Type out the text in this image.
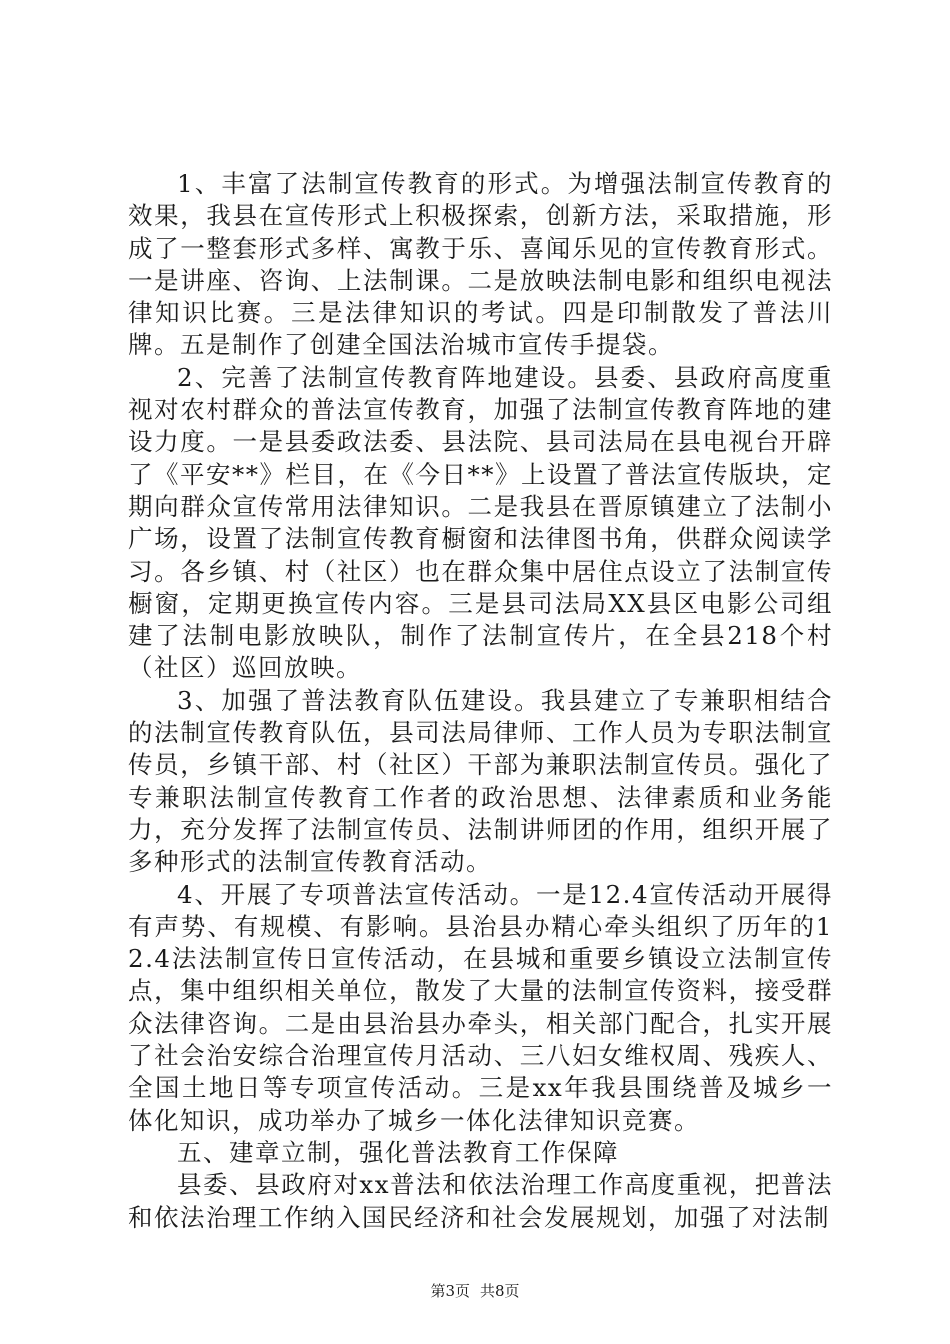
1、丰富了法制宣传教育的形式。为增强法制宣传教育的效果，我县在宣传形式上积极探索，创新方法，采取措施，形成了一整套形式多样、寓教于乐、喜闻乐见的宣传教育形式。一是讲座、咨询、上法制课。二是放映法制电影和组织电视法律知识比赛。三是法律知识的考试。四是印制散发了普法川牌。五是制作了创建全国法治城市宣传手提袋。

2、完善了法制宣传教育阵地建设。县委、县政府高度重视对农村群众的普法宣传教育，加强了法制宣传教育阵地的建设力度。一是县委政法委、县法院、县司法局在县电视台开辟了《平安**》栏目，在《今日**》上设置了普法宣传版块，定期向群众宣传常用法律知识。二是我县在晋原镇建立了法制小广场，设置了法制宣传教育橱窗和法律图书角，供群众阅读学习。各乡镇、村（社区）也在群众集中居住点设立了法制宣传橱窗，定期更换宣传内容。三是县司法局XX县区电影公司组建了法制电影放映队，制作了法制宣传片，在全县218个村（社区）巡回放映。

3、加强了普法教育队伍建设。我县建立了专兼职相结合的法制宣传教育队伍，县司法局律师、工作人员为专职法制宣传员，乡镇干部、村（社区）干部为兼职法制宣传员。强化了专兼职法制宣传教育工作者的政治思想、法律素质和业务能力，充分发挥了法制宣传员、法制讲师团的作用，组织开展了多种形式的法制宣传教育活动。

4、开展了专项普法宣传活动。一是12.4宣传活动开展得有声势、有规模、有影响。县治县办精心牵头组织了历年的12.4法法制宣传日宣传活动，在县城和重要乡镇设立法制宣传点，集中组织相关单位，散发了大量的法制宣传资料，接受群众法律咨询。二是由县治县办牵头，相关部门配合，扎实开展了社会治安综合治理宣传月活动、三八妇女维权周、残疾人、全国土地日等专项宣传活动。三是xx年我县围绕普及城乡一体化知识，成功举办了城乡一体化法律知识竞赛。

五、建章立制，强化普法教育工作保障

县委、县政府对xx普法和依法治理工作高度重视，把普法和依法治理工作纳入国民经济和社会发展规划，加强了对法制

第3页 共8页
